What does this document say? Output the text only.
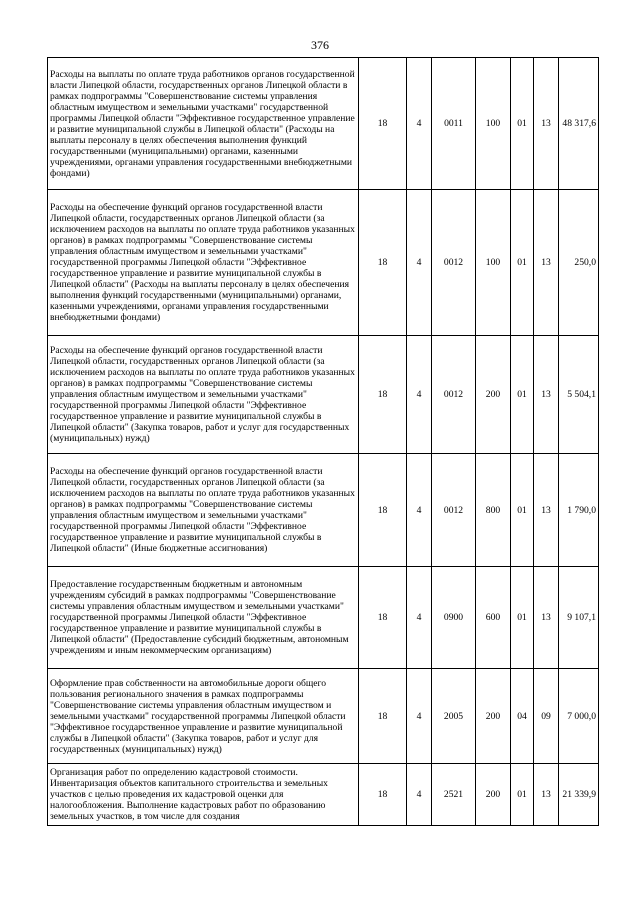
376
Расходы на выплаты по оплате труда работников органов государственной власти Липецкой области, государственных органов Липецкой области в рамках подпрограммы "Совершенствование системы управления областным имуществом и земельными участками" государственной программы Липецкой области "Эффективное государственное управление и развитие муниципальной службы в Липецкой области" (Расходы на выплаты персоналу в целях обеспечения выполнения функций государственными (муниципальными) органами, казенными учреждениями, органами управления государственными внебюджетными фондами)	18	4	0011	100	01	13	48 317,6
Расходы на обеспечение функций органов государственной власти Липецкой области, государственных органов Липецкой области (за исключением расходов на выплаты по оплате труда работников указанных органов) в рамках подпрограммы "Совершенствование системы управления областным имуществом и земельными участками" государственной программы Липецкой области "Эффективное государственное управление и развитие муниципальной службы в Липецкой области" (Расходы на выплаты персоналу в целях обеспечения выполнения функций государственными (муниципальными) органами, казенными учреждениями, органами управления государственными внебюджетными фондами)	18	4	0012	100	01	13	250,0
Расходы на обеспечение функций органов государственной власти Липецкой области, государственных органов Липецкой области (за исключением расходов на выплаты по оплате труда работников указанных органов) в рамках подпрограммы "Совершенствование системы управления областным имуществом и земельными участками" государственной программы Липецкой области "Эффективное государственное управление и развитие муниципальной службы в Липецкой области" (Закупка товаров, работ и услуг для государственных (муниципальных) нужд)	18	4	0012	200	01	13	5 504,1
Расходы на обеспечение функций органов государственной власти Липецкой области, государственных органов Липецкой области (за исключением расходов на выплаты по оплате труда работников указанных органов) в рамках подпрограммы "Совершенствование системы управления областным имуществом и земельными участками" государственной программы Липецкой области "Эффективное государственное управление и развитие муниципальной службы в Липецкой области" (Иные бюджетные ассигнования)	18	4	0012	800	01	13	1 790,0
Предоставление государственным бюджетным и автономным учреждениям субсидий в рамках подпрограммы "Совершенствование системы управления областным имуществом и земельными участками" государственной программы Липецкой области "Эффективное государственное управление и развитие муниципальной службы в Липецкой области" (Предоставление субсидий бюджетным, автономным учреждениям и иным некоммерческим организациям)	18	4	0900	600	01	13	9 107,1
Оформление прав собственности на автомобильные дороги общего пользования регионального значения в рамках подпрограммы "Совершенствование системы управления областным имуществом и земельными участками" государственной программы Липецкой области "Эффективное государственное управление и развитие муниципальной службы в Липецкой области" (Закупка товаров, работ и услуг для государственных (муниципальных) нужд)	18	4	2005	200	04	09	7 000,0
Организация работ по определению кадастровой стоимости. Инвентаризация объектов капитального строительства и земельных участков с целью проведения их кадастровой оценки для налогообложения. Выполнение кадастровых работ по образованию земельных участков, в том числе для создания	18	4	2521	200	01	13	21 339,9
